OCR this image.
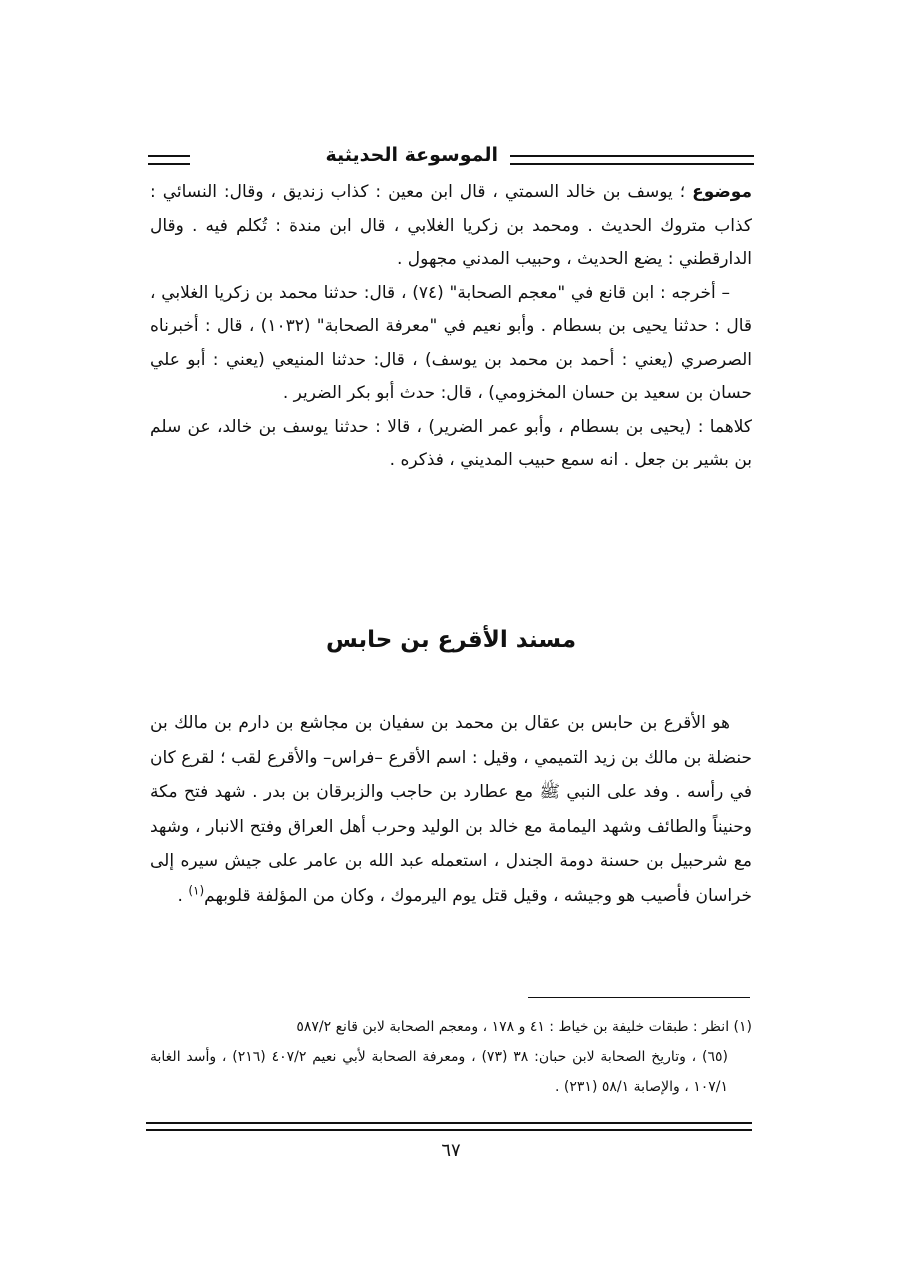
الموسوعة الحديثية

موضوع ؛ يوسف بن خالد السمتي ، قال ابن معين : كذاب زنديق ، وقال: النسائي : كذاب متروك الحديث . ومحمد بن زكريا الغلابي ، قال ابن مندة : تُكلم فيه . وقال الدارقطني : يضع الحديث ، وحبيب المدني مجهول .

– أخرجه : ابن قانع في "معجم الصحابة" (٧٤) ، قال: حدثنا محمد بن زكريا الغلابي ، قال : حدثنا يحيى بن بسطام . وأبو نعيم في "معرفة الصحابة" (١٠٣٢) ، قال : أخبرناه الصرصري (يعني : أحمد بن محمد بن يوسف) ، قال: حدثنا المنيعي (يعني : أبو علي حسان بن سعيد بن حسان المخزومي) ، قال: حدث أبو بكر الضرير .

كلاهما : (يحيى بن بسطام ، وأبو عمر الضرير) ، قالا : حدثنا يوسف بن خالد، عن سلم بن بشير بن جعل . انه سمع حبيب المديني ، فذكره .

مسند الأقرع بن حابس

هو الأقرع بن حابس بن عقال بن محمد بن سفيان بن مجاشع بن دارم بن مالك بن حنضلة بن مالك بن زيد التميمي ، وقيل : اسم الأقرع –فراس– والأقرع لقب ؛ لقرع كان في رأسه . وفد على النبي ﷺ مع عطارد بن حاجب والزبرقان بن بدر . شهد فتح مكة وحنيناً والطائف وشهد اليمامة مع خالد بن الوليد وحرب أهل العراق وفتح الانبار ، وشهد مع شرحبيل بن حسنة دومة الجندل ، استعمله عبد الله بن عامر على جيش سيره إلى خراسان فأصيب هو وجيشه ، وقيل قتل يوم اليرموك ، وكان من المؤلفة قلوبهم$^{(١)}$ .

(١) انظر : طبقات خليفة بن خياط : ٤١ و ١٧٨ ، ومعجم الصحابة لابن قانع ٥٨٧/٢

(٦٥) ، وتاريخ الصحابة لابن حبان: ٣٨ (٧٣) ، ومعرفة الصحابة لأبي نعيم ٤٠٧/٢ (٢١٦) ، وأسد الغابة ١٠٧/١ ، والإصابة ٥٨/١ (٢٣١) .

٦٧
